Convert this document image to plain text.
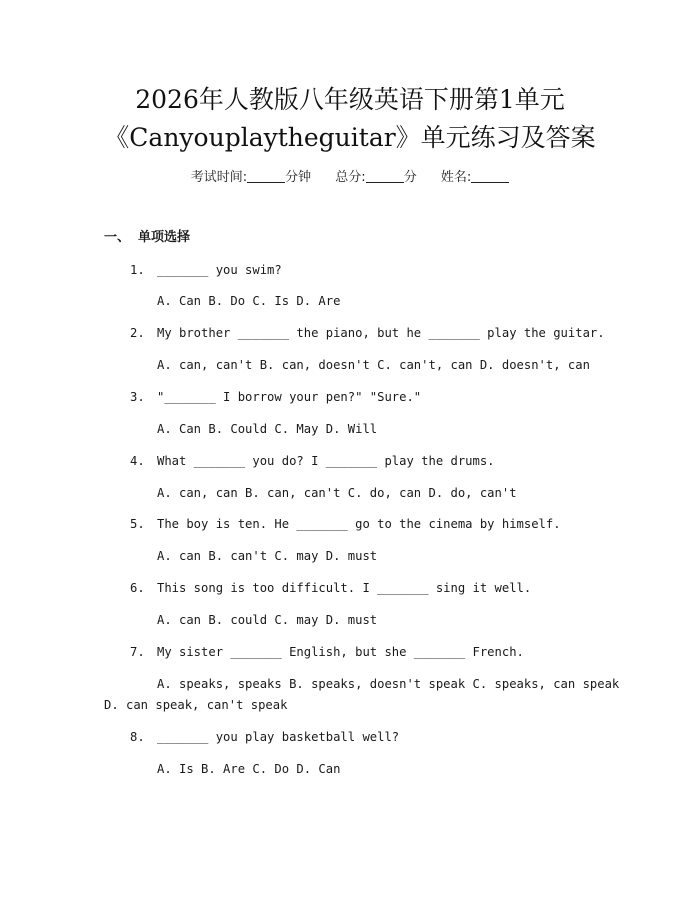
2026年人教版八年级英语下册第1单元
《Canyouplaytheguitar》单元练习及答案
考试时间:	分钟 总分:	分 姓名:
一、 单项选择
1. _______ you swim?
A. Can B. Do C. Is D. Are
2. My brother _______ the piano, but he _______ play the guitar.
A. can, can't B. can, doesn't C. can't, can D. doesn't, can
3. "_______ I borrow your pen?" "Sure."
A. Can B. Could C. May D. Will
4. What _______ you do? I _______ play the drums.
A. can, can B. can, can't C. do, can D. do, can't
5. The boy is ten. He _______ go to the cinema by himself.
A. can B. can't C. may D. must
6. This song is too difficult. I _______ sing it well.
A. can B. could C. may D. must
7. My sister _______ English, but she _______ French.
A. speaks, speaks B. speaks, doesn't speak C. speaks, can speak
D. can speak, can't speak
8. _______ you play basketball well?
A. Is B. Are C. Do D. Can
